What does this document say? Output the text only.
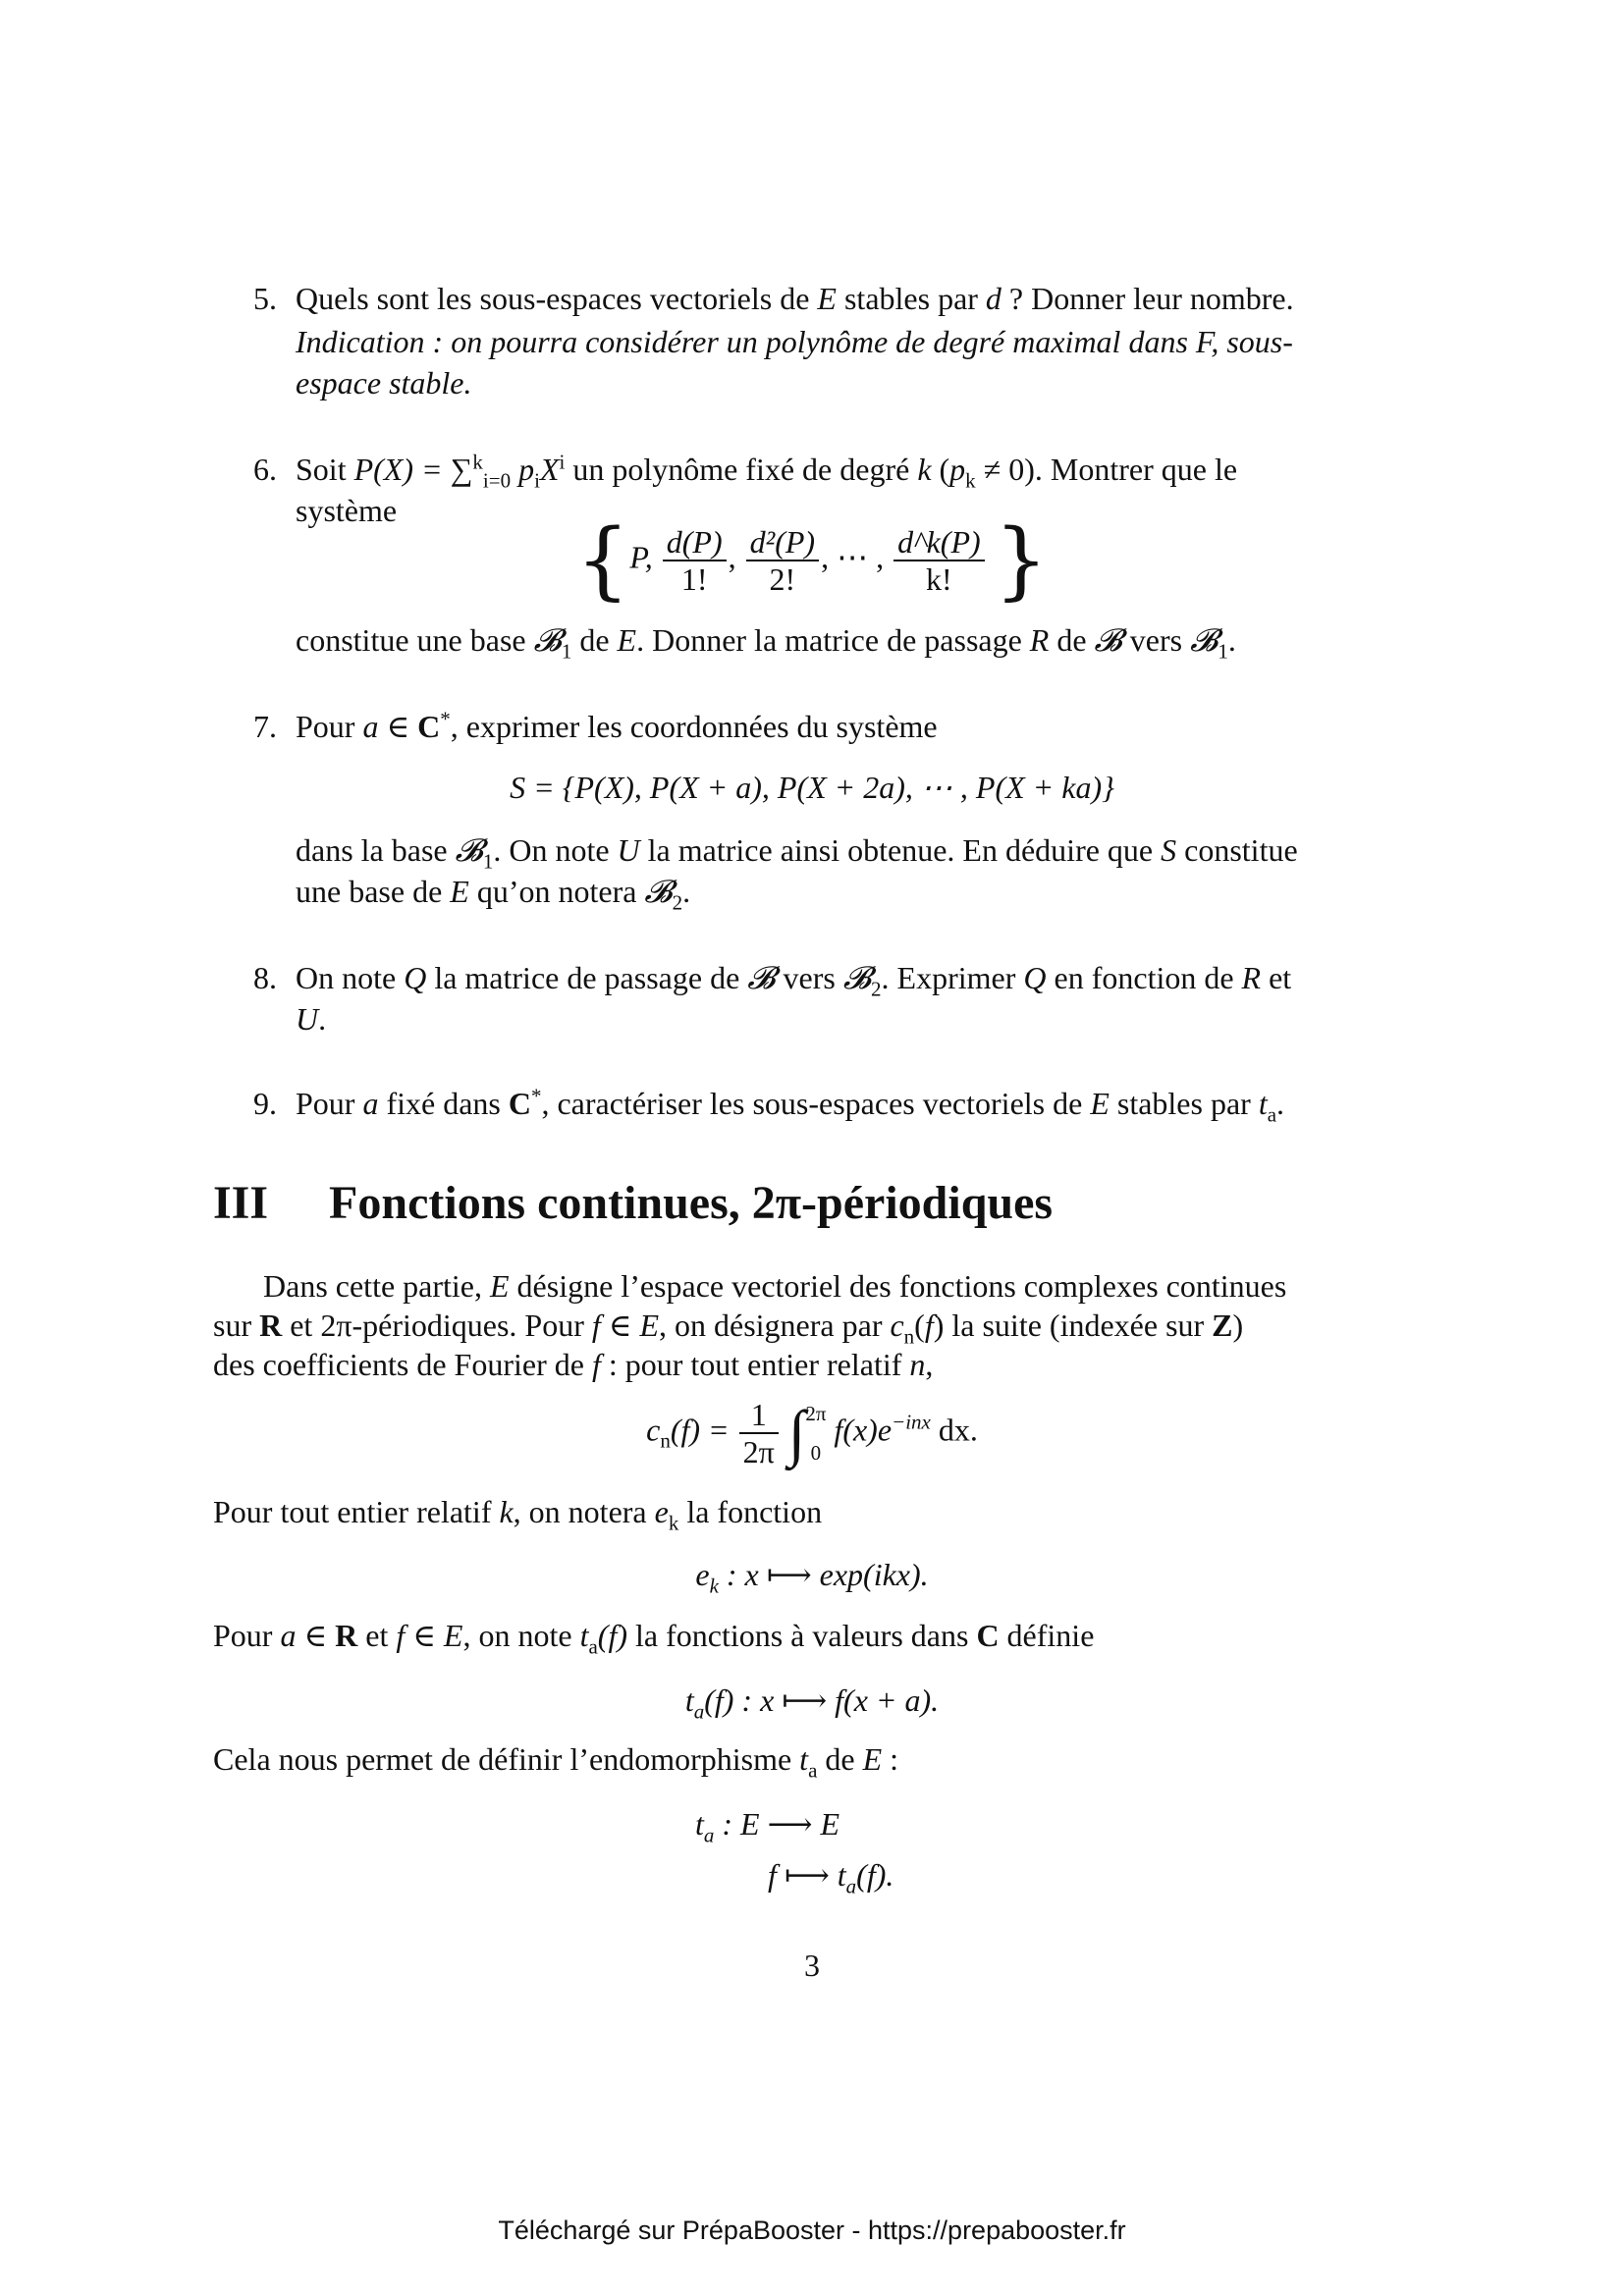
5. Quels sont les sous-espaces vectoriels de E stables par d ? Donner leur nombre.
Indication : on pourra considérer un polynôme de degré maximal dans F, sous-
espace stable.
6. Soit P(X) = ∑$^k_{i=0}$ $p_iX^i$ un polynôme fixé de degré k $(p_k \ne 0)$. Montrer que le
système
{P, $\frac{d(P)}{1!}$ , $\frac{\text{d²(P)}}{2!}$ , ⋯ , $\frac{d\^{}k(P)}{k!}$ }
constitue une base 𝓑$_1$ de E. Donner la matrice de passage R de 𝓑 vers 𝓑$_1$.
7. Pour a ∈ C*, exprimer les coordonnées du système
S = {P(X), P(X + a), P(X + 2a), ⋯ , P(X + ka)}
dans la base 𝓑$_1$. On note U la matrice ainsi obtenue. En déduire que S constitue
une base de E qu’on notera 𝓑$_2$.
8. On note Q la matrice de passage de 𝓑 vers 𝓑$_2$. Exprimer Q en fonction de R et
U.
9. Pour a fixé dans C*, caractériser les sous-espaces vectoriels de E stables par $t_a$.
III Fonctions continues, 2π-périodiques
Dans cette partie, E désigne l’espace vectoriel des fonctions complexes continues
sur R et 2π-périodiques. Pour f ∈ E, on désignera par $c_n(f)$ la suite (indexée sur Z)
des coefficients de Fourier de f : pour tout entier relatif n,
$c_n(f) = \frac{1}{2\pi}$ ∫ 2π
0
$f(x)e^{-inx}$ dx.
Pour tout entier relatif k, on notera $e_k$ la fonction
$e_k$ : x ⟼ exp(ikx).
Pour a ∈ R et f ∈ E, on note $t_a(f)$ la fonctions à valeurs dans C définie
$t_a(f)$ : x ⟼ f(x + a).
Cela nous permet de définir l’endomorphisme $t_a$ de E :
$t_a$ : E ⟶ E
f ⟼ $t_a(f)$.
3
Téléchargé sur PrépaBooster - https://prepabooster.fr
